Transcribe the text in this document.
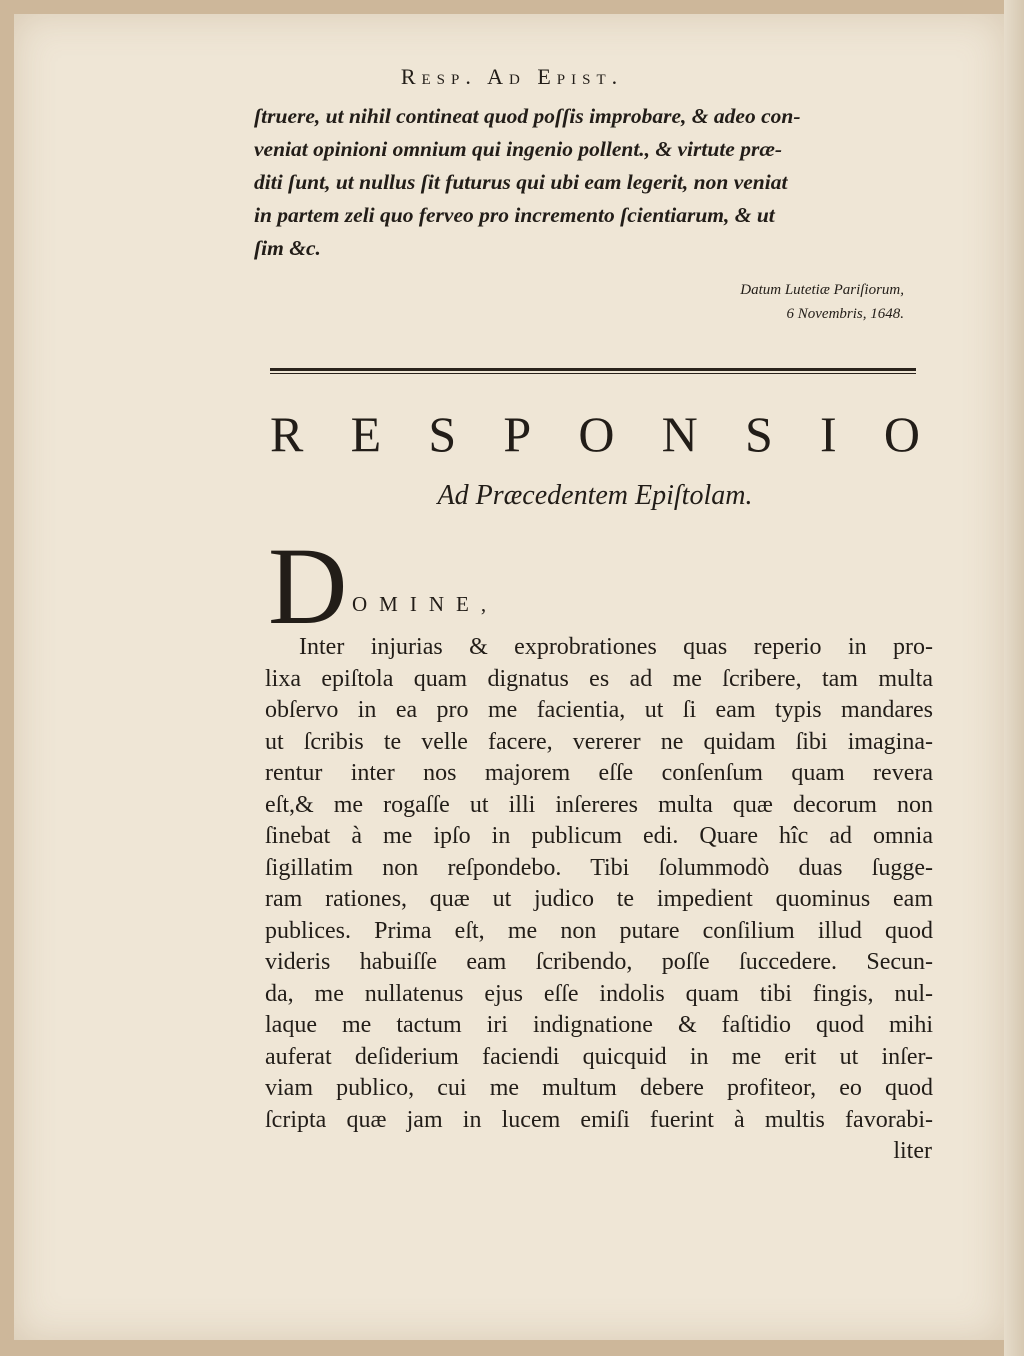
Resp. Ad Epist.
ſtruere, ut nihil contineat quod poſſis improbare, & adeo con-
veniat opinioni omnium qui ingenio pollent., & virtute præ-
diti ſunt, ut nullus ſit futurus qui ubi eam legerit, non veniat
in partem zeli quo ferveo pro incremento ſcientiarum, & ut
ſim &c.
Datum Lutetiæ Pariſiorum,
6 Novembris, 1648.
R E S P O N S I O
Ad Præcedentem Epiſtolam.
D OMINE,
Inter injurias & exprobrationes quas reperio in pro-
lixa epiſtola quam dignatus es ad me ſcribere, tam multa
obſervo in ea pro me facientia, ut ſi eam typis mandares
ut ſcribis te velle facere, vererer ne quidam ſibi imagina-
rentur inter nos majorem eſſe conſenſum quam revera
eſt,& me rogaſſe ut illi inſereres multa quæ decorum non
ſinebat à me ipſo in publicum edi. Quare hîc ad omnia
ſigillatim non reſpondebo. Tibi ſolummodò duas ſugge-
ram rationes, quæ ut judico te impedient quominus eam
publices. Prima eſt, me non putare conſilium illud quod
videris habuiſſe eam ſcribendo, poſſe ſuccedere. Secun-
da, me nullatenus ejus eſſe indolis quam tibi fingis, nul-
laque me tactum iri indignatione & faſtidio quod mihi
auferat deſiderium faciendi quicquid in me erit ut inſer-
viam publico, cui me multum debere profiteor, eo quod
ſcripta quæ jam in lucem emiſi fuerint à multis favorabi-
liter
